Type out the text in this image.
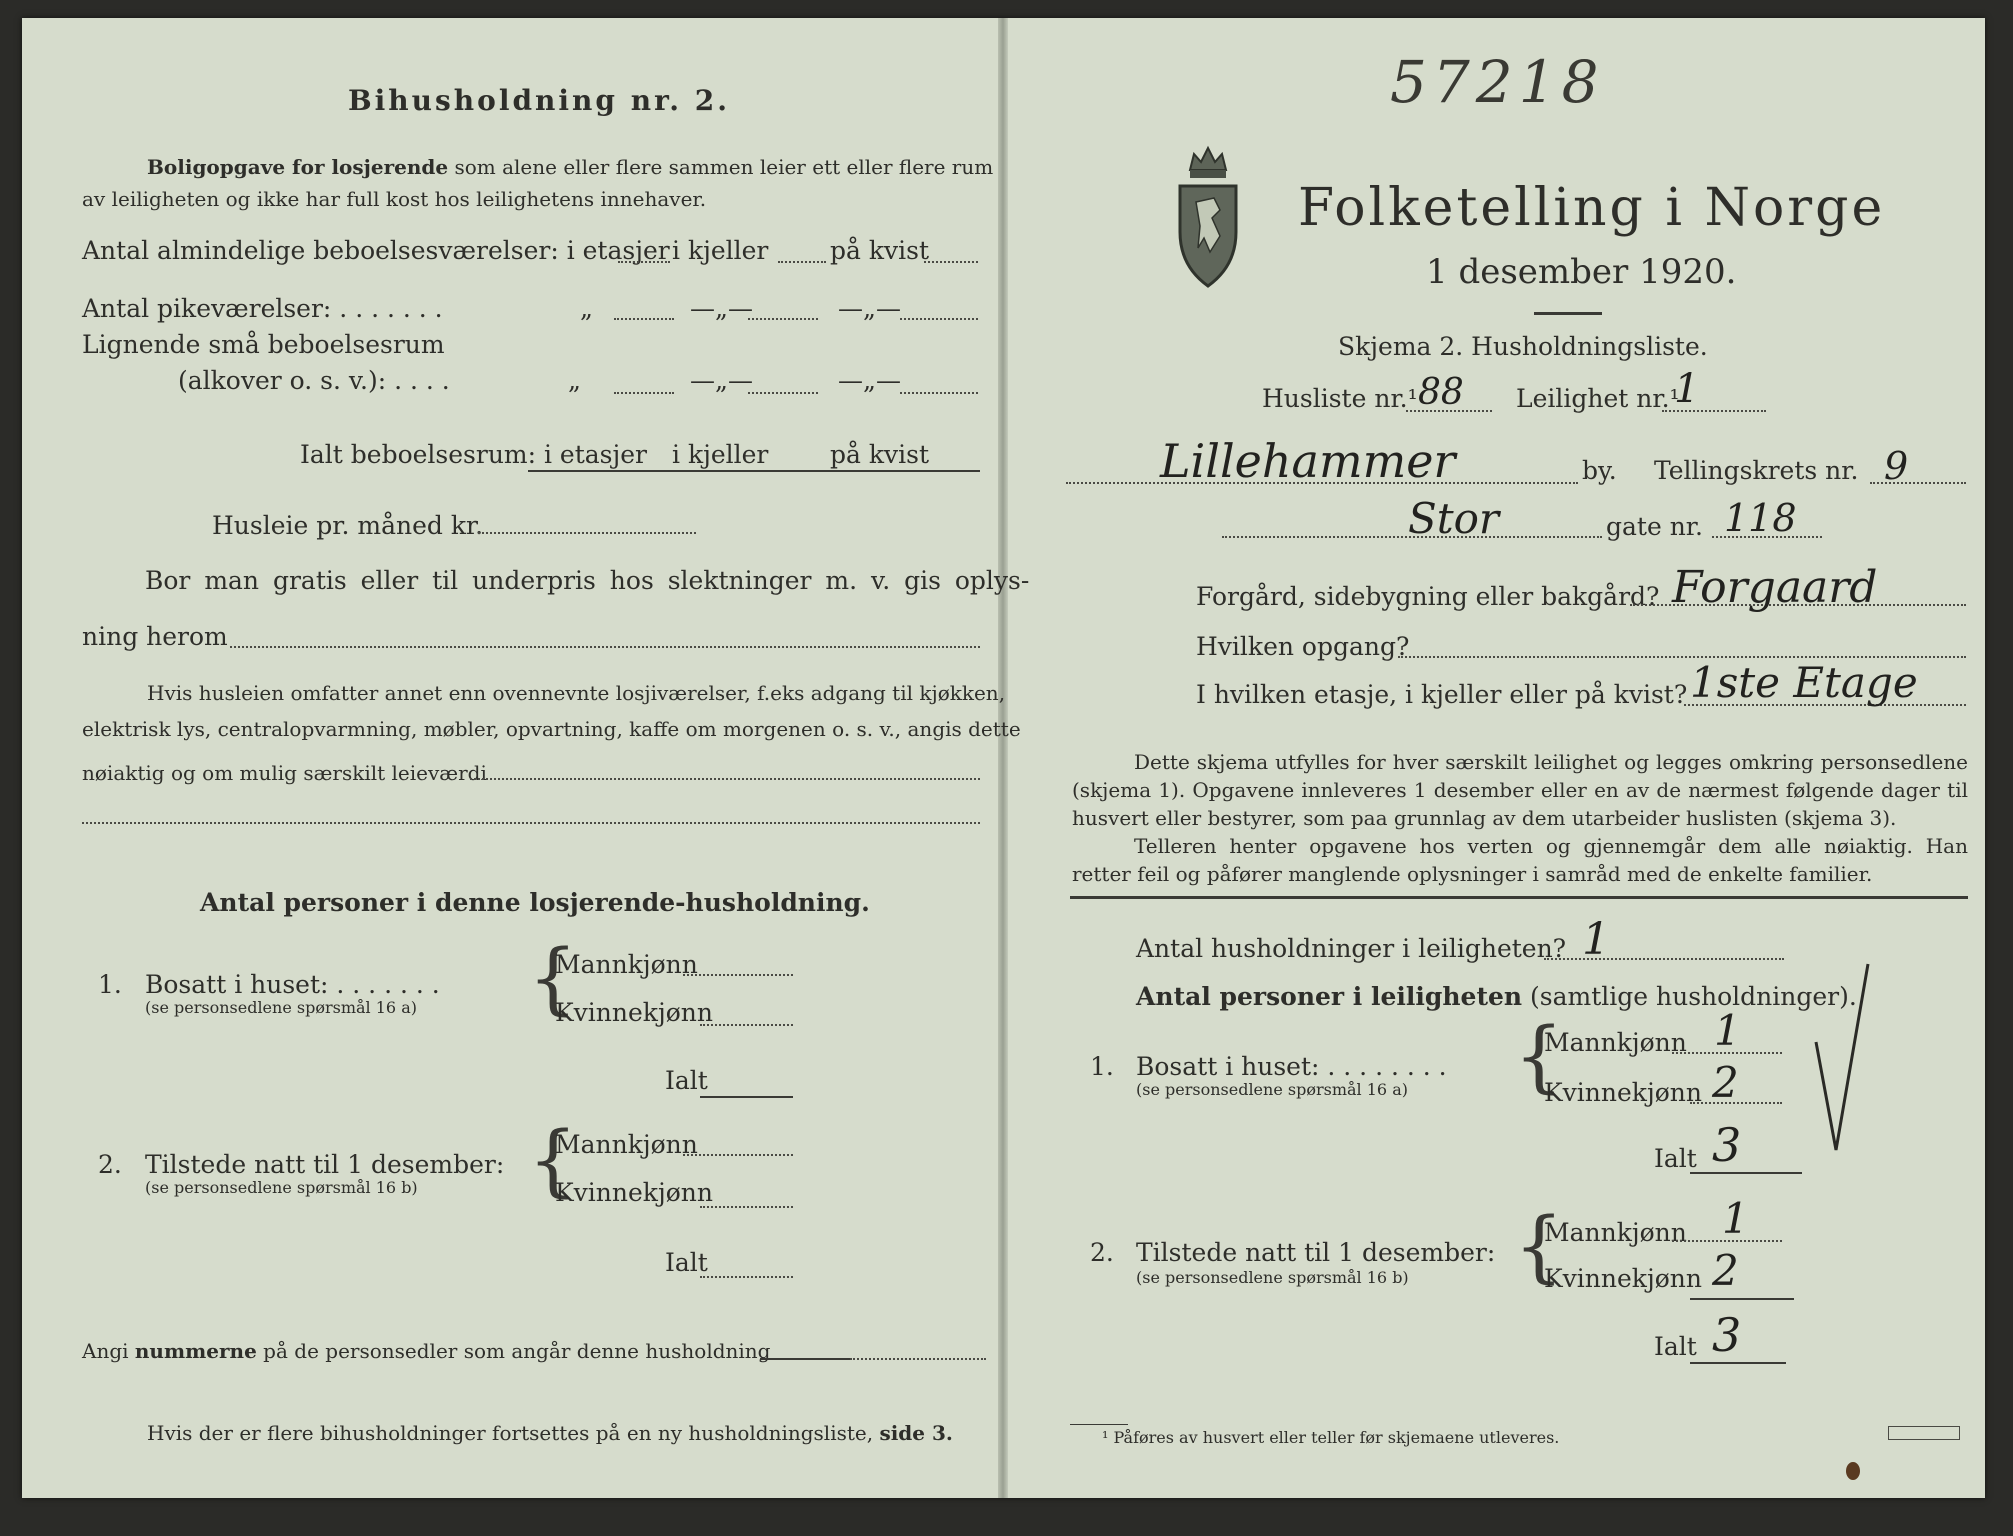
Bihusholdning nr. 2.
Boligopgave for losjerende som alene eller flere sammen leier ett eller flere rum
av leiligheten og ikke har full kost hos leilighetens innehaver.
Antal almindelige beboelsesværelser: i etasjer i kjeller på kvist
Antal pikeværelser: . . . . . . .	„	—„—	—„—
Lignende små beboelsesrum
(alkover o. s. v.): . . . .	„	—„—	—„—
Ialt beboelsesrum: i etasjer i kjeller på kvist
Husleie pr. måned kr.
Bor man gratis eller til underpris hos slektninger m. v. gis oplys-
ning herom
Hvis husleien omfatter annet enn ovennevnte losjiværelser, f.eks adgang til kjøkken,
elektrisk lys, centralopvarmning, møbler, opvartning, kaffe om morgenen o. s. v., angis dette
nøiaktig og om mulig særskilt leieværdi
Antal personer i denne losjerende-husholdning.
1. Bosatt i huset: . . . . . . .
(se personsedlene spørsmål 16 a) {
Mannkjønn
Kvinnekjønn
Ialt
2. Tilstede natt til 1 desember:
(se personsedlene spørsmål 16 b) {
Mannkjønn
Kvinnekjønn
Ialt
Angi nummerne på de personsedler som angår denne husholdning
Hvis der er flere bihusholdninger fortsettes på en ny husholdningsliste, side 3.
57218
Folketelling i Norge
1 desember 1920.
Skjema 2. Husholdningsliste.
Husliste nr.¹ 88 Leilighet nr.¹
1
Lillehammer	by. Tellingskrets nr. 9
Stor	gate nr. 118
Forgård, sidebygning eller bakgård? Forgaard
Hvilken opgang?
I hvilken etasje, i kjeller eller på kvist? 1ste Etage
Dette skjema utfylles for hver særskilt leilighet og legges omkring personsedlene (skjema 1). Opgavene innleveres 1 desember eller en av de nærmest følgende dager til husvert eller bestyrer, som paa grunnlag av dem utarbeider huslisten (skjema 3).
Telleren henter opgavene hos verten og gjennemgår dem alle nøiaktig. Han retter feil og påfører manglende oplysninger i samråd med de enkelte familier.
Antal husholdninger i leiligheten? 1
Antal personer i leiligheten (samtlige husholdninger).
1. Bosatt i huset: . . . . . . . .
(se personsedlene spørsmål 16 a) {
Mannkjønn 1
Kvinnekjønn 2
Ialt 3
2. Tilstede natt til 1 desember:
(se personsedlene spørsmål 16 b) {
Mannkjønn 1
Kvinnekjønn 2
Ialt 3
¹ Påføres av husvert eller teller før skjemaene utleveres.
